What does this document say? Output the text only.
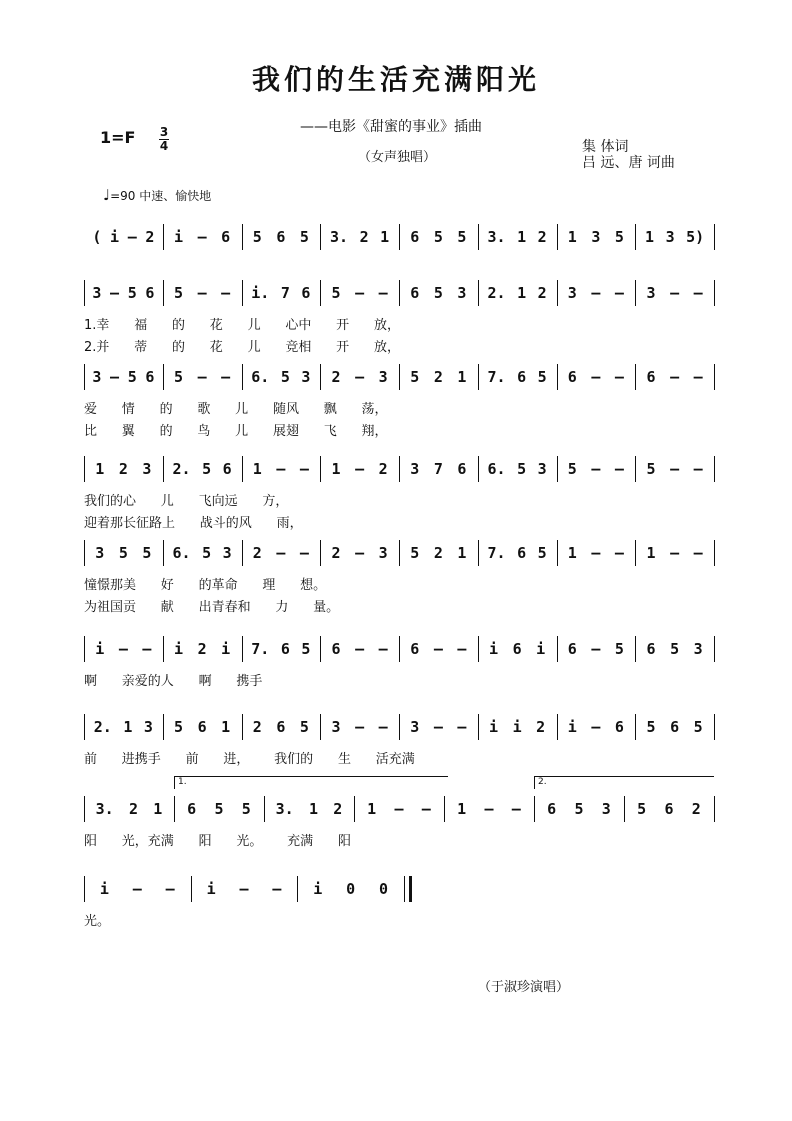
我们的生活充满阳光
——电影《甜蜜的事业》插曲
1=F 3
4
（女声独唱）
集 体词
吕 远、唐 诃曲
♩=90 中速、愉快地
( i – 2 i – 6 5 6 5 3. 2 1 6 5 5 3. 1 2 1 3 5 1 3 5)
3 – 5 6 5 – – i. 7 6 5 – – 6 5 3 2. 1 2 3 – – 3 – –
1.幸      福      的      花      儿      心中      开      放，
2.并      蒂      的      花      儿      竞相      开      放，
3 – 5 6 5 – – 6. 5 3 2 – 3 5 2 1 7. 6 5 6 – – 6 – –
爱      情      的      歌      儿      随风      飘      荡，
比      翼      的      鸟      儿      展翅      飞      翔，
1 2 3 2. 5 6 1 – – 1 – 2 3 7 6 6. 5 3 5 – – 5 – –
我们的心      儿      飞向远      方，
迎着那长征路上      战斗的风      雨，
3 5 5 6. 5 3 2 – – 2 – 3 5 2 1 7. 6 5 1 – – 1 – –
憧憬那美      好      的革命      理      想。
为祖国贡      献      出青春和      力      量。
i – – i 2 i 7. 6 5 6 – – 6 – – i 6 i 6 – 5 6 5 3
啊      亲爱的人      啊      携手
2. 1 3 5 6 1 2 6 5 3 – – 3 – – i i 2 i – 6 5 6 5
前      进携手      前      进，      我们的      生      活充满
3. 2 1 6 5 5 3. 1 2 1 – – 1 – – 6 5 3 5 6 2
1.	2.
阳      光，充满      阳      光。      充满      阳
i – – i – – i 0 0
光。
（于淑珍演唱）
